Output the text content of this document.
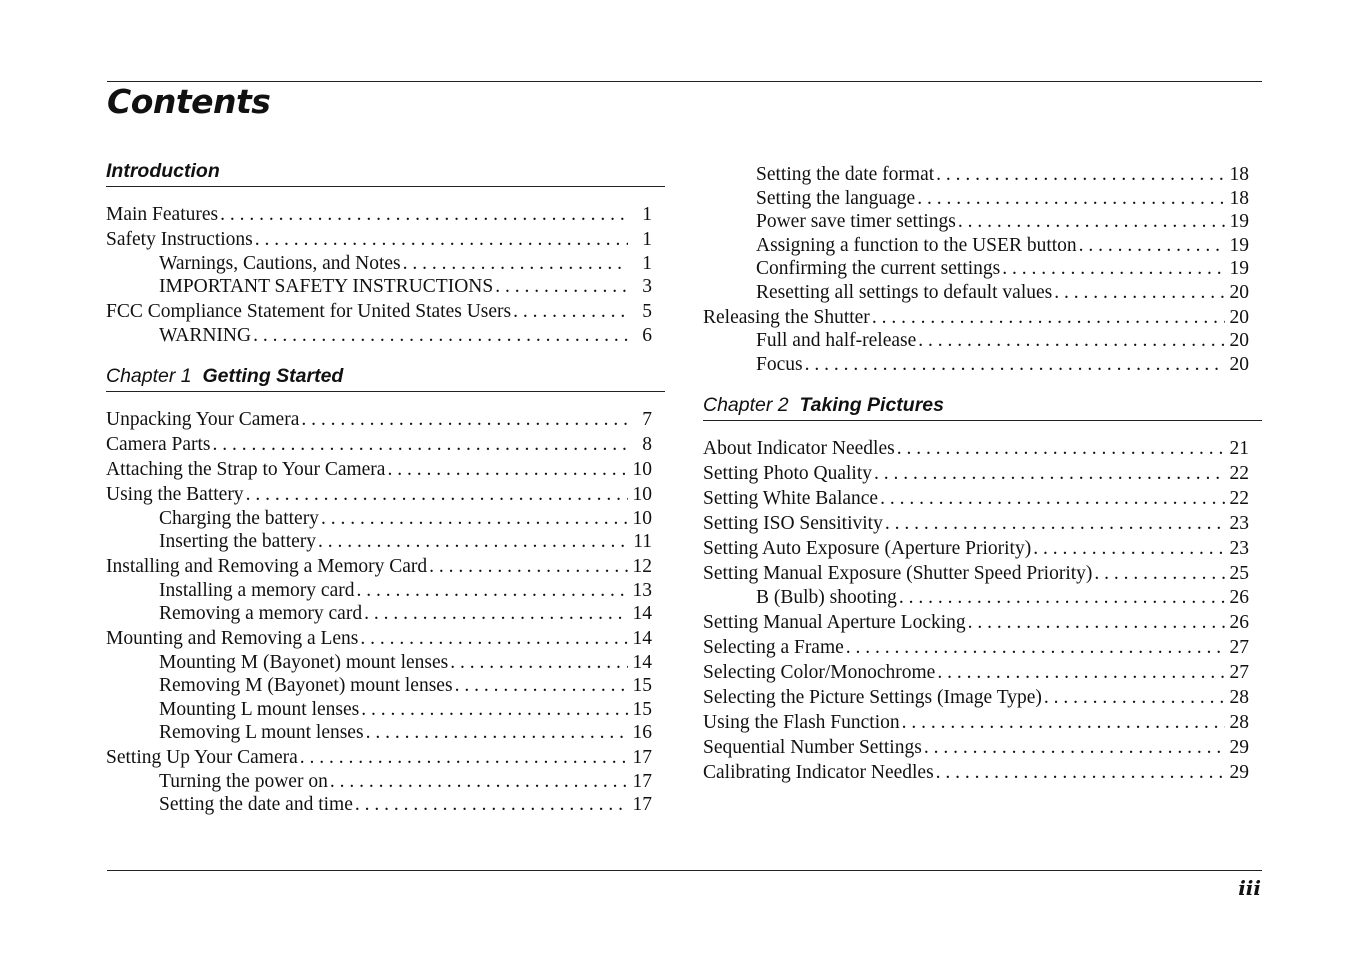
Contents
Introduction
Main Features . . .	1
Safety Instructions . . .	1
Warnings, Cautions, and Notes . . .	1
IMPORTANT SAFETY INSTRUCTIONS . . .	3
FCC Compliance Statement for United States Users . . .	5
WARNING . . .	6
Chapter 1 Getting Started
Unpacking Your Camera . . .	7
Camera Parts . . .	8
Attaching the Strap to Your Camera . . .	10
Using the Battery . . .	10
Charging the battery . . .	10
Inserting the battery . . .	11
Installing and Removing a Memory Card . . .	12
Installing a memory card . . .	13
Removing a memory card . . .	14
Mounting and Removing a Lens . . .	14
Mounting M (Bayonet) mount lenses . . .	14
Removing M (Bayonet) mount lenses . . .	15
Mounting L mount lenses . . .	15
Removing L mount lenses . . .	16
Setting Up Your Camera . . .	17
Turning the power on . . .	17
Setting the date and time . . .	17
Setting the date format . . .	18
Setting the language . . .	18
Power save timer settings . . .	19
Assigning a function to the USER button . . .	19
Confirming the current settings . . .	19
Resetting all settings to default values . . .	20
Releasing the Shutter . . .	20
Full and half-release . . .	20
Focus . . .	20
Chapter 2 Taking Pictures
About Indicator Needles . . .	21
Setting Photo Quality . . .	22
Setting White Balance . . .	22
Setting ISO Sensitivity . . .	23
Setting Auto Exposure (Aperture Priority) . . .	23
Setting Manual Exposure (Shutter Speed Priority) . . .	25
B (Bulb) shooting . . .	26
Setting Manual Aperture Locking . . .	26
Selecting a Frame . . .	27
Selecting Color/Monochrome . . .	27
Selecting the Picture Settings (Image Type) . . .	28
Using the Flash Function . . .	28
Sequential Number Settings . . .	29
Calibrating Indicator Needles . . .	29
iii
